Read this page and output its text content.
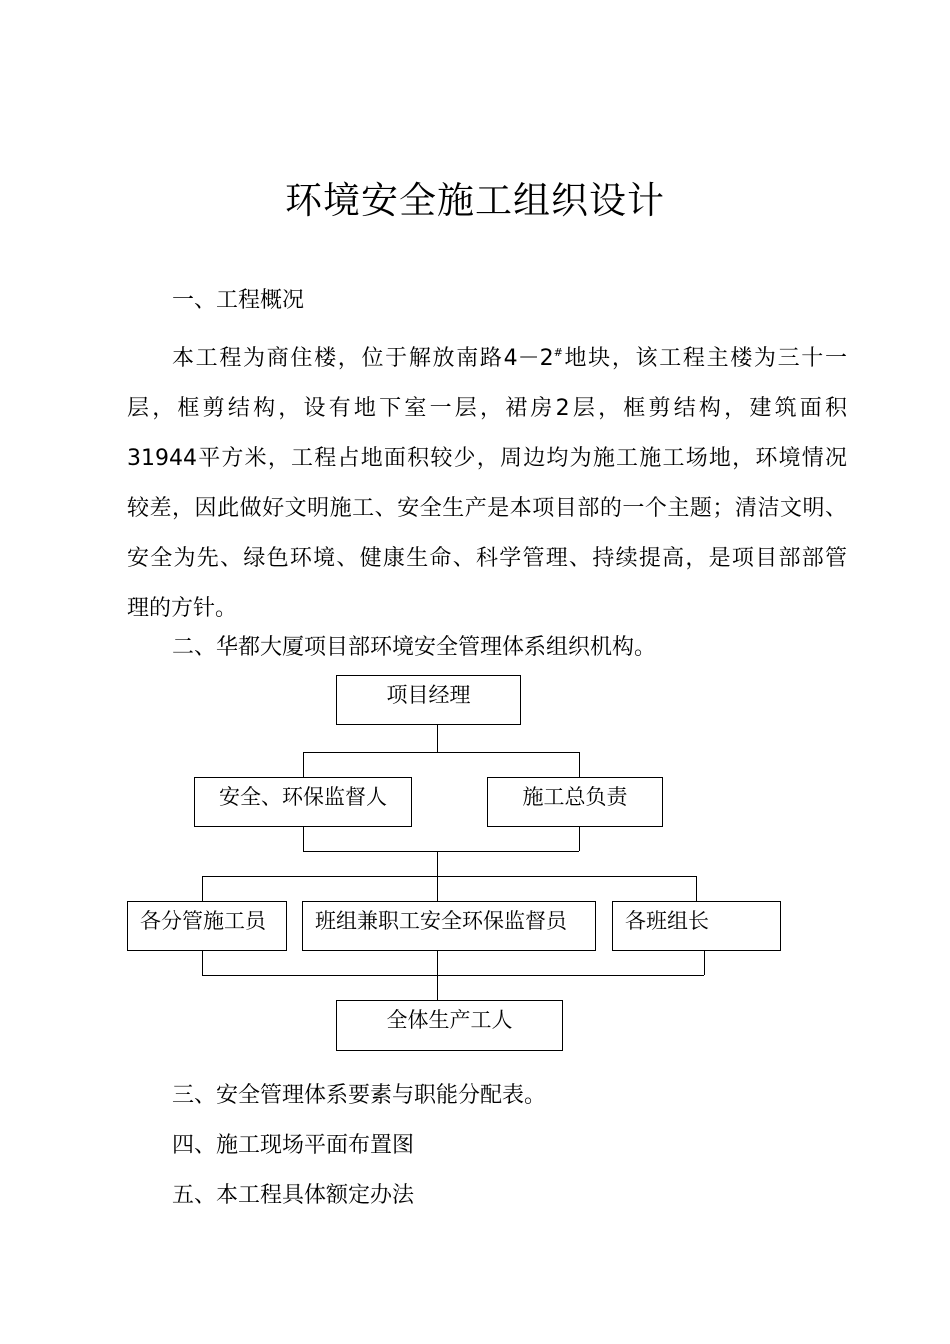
环境安全施工组织设计
一、工程概况
本工程为商住楼，位于解放南路4－2#地块，该工程主楼为三十一
层，框剪结构，设有地下室一层，裙房2层，框剪结构，建筑面积
31944平方米，工程占地面积较少，周边均为施工施工场地，环境情况
较差，因此做好文明施工、安全生产是本项目部的一个主题；清洁文明、
安全为先、绿色环境、健康生命、科学管理、持续提高，是项目部部管
理的方针。
二、华都大厦项目部环境安全管理体系组织机构。
项目经理
安全、环保监督人	施工总负责
各分管施工员	班组兼职工安全环保监督员	各班组长
全体生产工人
三、安全管理体系要素与职能分配表。
四、施工现场平面布置图
五、本工程具体额定办法
